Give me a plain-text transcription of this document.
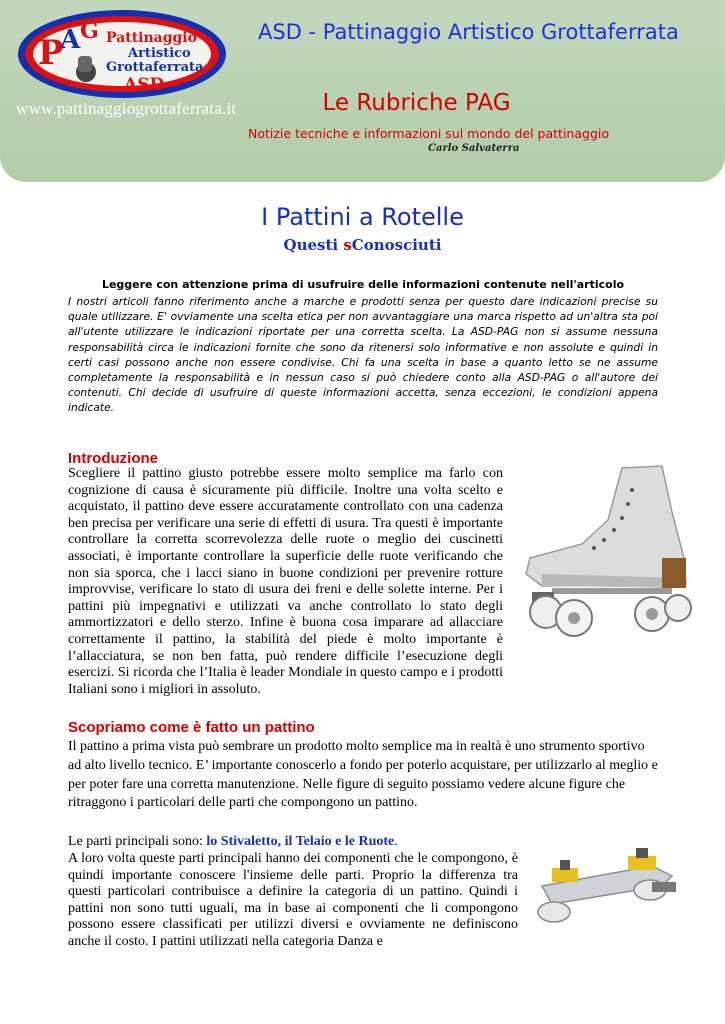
P
A G Pattinaggio
Artistico
Grottaferrata
ASD
www.pattinaggiogrottaferrata.it
ASD - Pattinaggio Artistico Grottaferrata
Le Rubriche PAG
Notizie tecniche e informazioni sul mondo del pattinaggio
Carlo Salvaterra
I Pattini a Rotelle
Questi sConosciuti
Leggere con attenzione prima di usufruire delle informazioni contenute nell'articolo
I nostri articoli fanno riferimento anche a marche e prodotti senza per questo dare indicazioni precise su quale utilizzare. E' ovviamente una scelta etica per non avvantaggiare una marca rispetto ad un'altra sta poi all'utente utilizzare le indicazioni riportate per una corretta scelta. La ASD-PAG non si assume nessuna responsabilità circa le indicazioni fornite che sono da ritenersi solo informative e non assolute e quindi in certi casi possono anche non essere condivise. Chi fa una scelta in base a quanto letto se ne assume completamente la responsabilità e in nessun caso si può chiedere conto alla ASD-PAG o all'autore dei contenuti. Chi decide di usufruire di queste informazioni accetta, senza eccezioni, le condizioni appena indicate.
Introduzione
Scegliere il pattino giusto potrebbe essere molto semplice ma farlo con cognizione di causa è sicuramente più difficile. Inoltre una volta scelto e acquistato, il pattino deve essere accuratamente controllato con una cadenza ben precisa per verificare una serie di effetti di usura. Tra questi è importante controllare la corretta scorrevolezza delle ruote o meglio dei cuscinetti associati, è importante controllare la superficie delle ruote verificando che non sia sporca, che i lacci siano in buone condizioni per prevenire rotture improvvise, verificare lo stato di usura dei freni e delle solette interne. Per i pattini più impegnativi e utilizzati va anche controllato lo stato degli ammortizzatori e dello sterzo. Infine è buona cosa imparare ad allacciare correttamente il pattino, la stabilità del piede è molto importante è l’allacciatura, se non ben fatta, può rendere difficile l’esecuzione degli esercizi. Si ricorda che l’Italia è leader Mondiale in questo campo e i prodotti Italiani sono i migliori in assoluto.
Scopriamo come è fatto un pattino
Il pattino a prima vista può sembrare un prodotto molto semplice ma in realtà è uno strumento sportivo ad alto livello tecnico. E’ importante conoscerlo a fondo per poterlo acquistare, per utilizzarlo al meglio e per poter fare una corretta manutenzione. Nelle figure di seguito possiamo vedere alcune figure che ritraggono i particolari delle parti che compongono un pattino.
Le parti principali sono: lo Stivaletto, il Telaio e le Ruote.
A loro volta queste parti principali hanno dei componenti che le compongono, è quindi importante conoscere l'insieme delle parti. Proprio la differenza tra questi particolari contribuisce a definire la categoria di un pattino. Quindi i pattini non sono tutti uguali, ma in base ai componenti che li compongono possono essere classificati per utilizzi diversi e ovviamente ne definiscono anche il costo. I pattini utilizzati nella categoria Danza e
